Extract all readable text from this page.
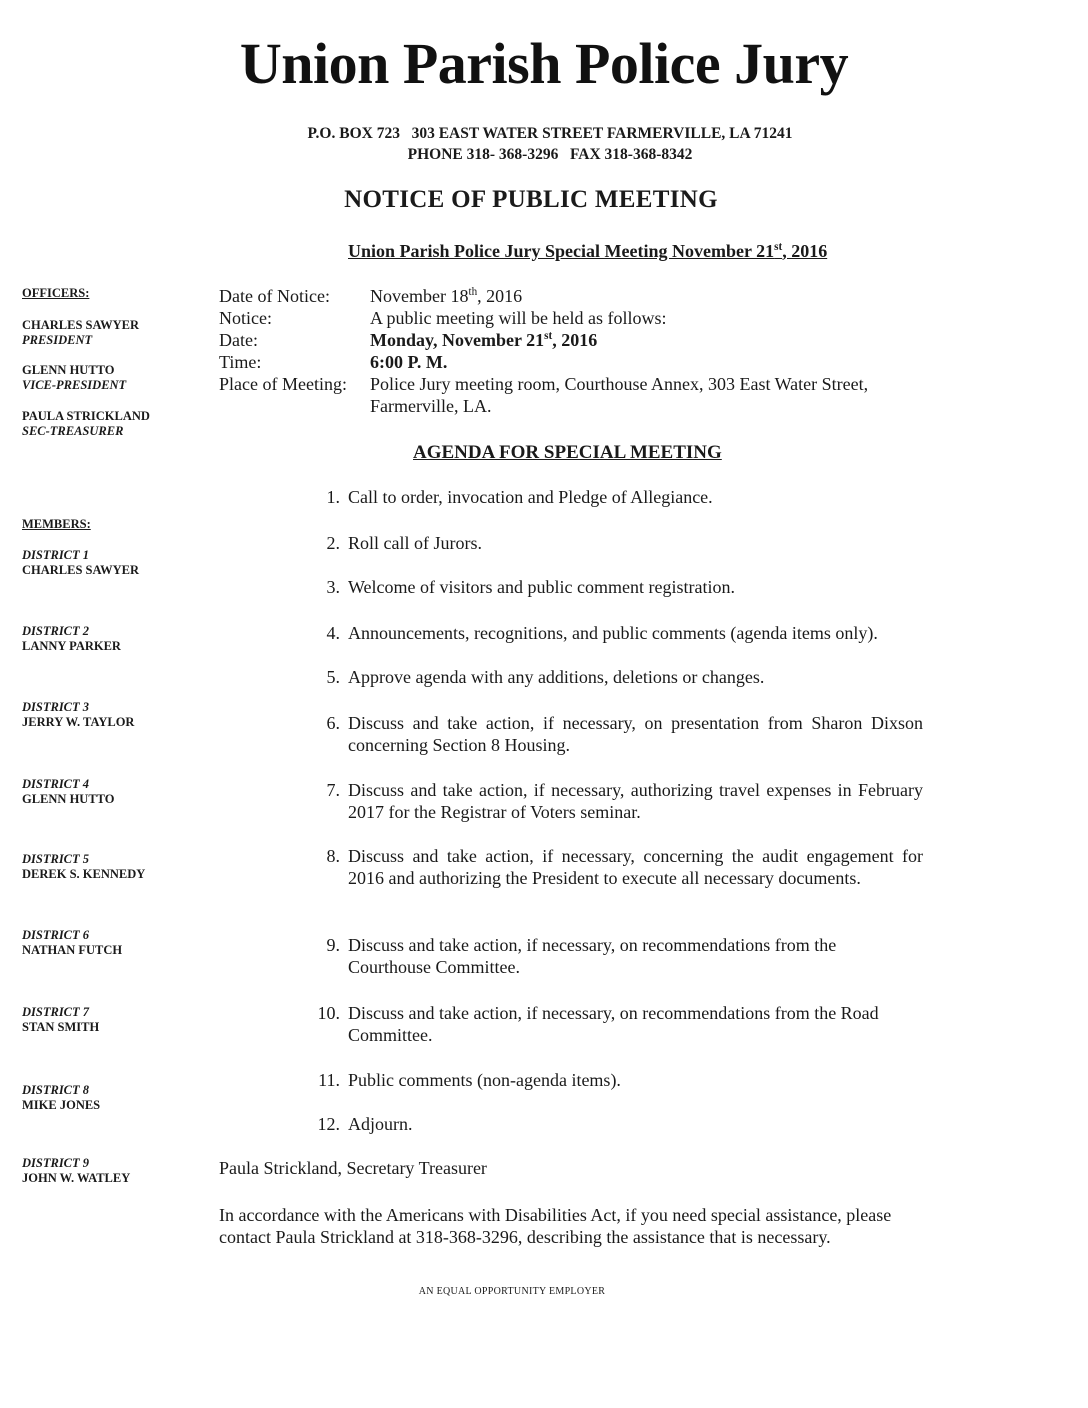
Union Parish Police Jury
P.O. BOX 723   303 EAST WATER STREET FARMERVILLE, LA 71241
PHONE 318- 368-3296   FAX 318-368-8342
NOTICE OF PUBLIC MEETING
Union Parish Police Jury Special Meeting November 21st, 2016
OFFICERS:
CHARLES SAWYER
PRESIDENT
GLENN HUTTO
VICE-PRESIDENT
PAULA STRICKLAND
SEC-TREASURER
MEMBERS:
DISTRICT 1
CHARLES SAWYER
DISTRICT 2
LANNY PARKER
DISTRICT 3
JERRY W. TAYLOR
DISTRICT 4
GLENN HUTTO
DISTRICT 5
DEREK S. KENNEDY
DISTRICT 6
NATHAN FUTCH
DISTRICT 7
STAN SMITH
DISTRICT 8
MIKE JONES
DISTRICT 9
JOHN W. WATLEY
Date of Notice: November 18th, 2016
Notice:	A public meeting will be held as follows:
Date:	Monday, November 21st, 2016
Time:	6:00 P. M.
Place of Meeting: Police Jury meeting room, Courthouse Annex, 303 East Water Street, Farmerville, LA.
AGENDA FOR SPECIAL MEETING
1. Call to order, invocation and Pledge of Allegiance.
2. Roll call of Jurors.
3. Welcome of visitors and public comment registration.
4. Announcements, recognitions, and public comments (agenda items only).
5. Approve agenda with any additions, deletions or changes.
6. Discuss and take action, if necessary, on presentation from Sharon Dixson concerning Section 8 Housing.
7. Discuss and take action, if necessary, authorizing travel expenses in February 2017 for the Registrar of Voters seminar.
8. Discuss and take action, if necessary, concerning the audit engagement for 2016 and authorizing the President to execute all necessary documents.
9. Discuss and take action, if necessary, on recommendations from the Courthouse Committee.
10. Discuss and take action, if necessary, on recommendations from the Road Committee.
11. Public comments (non-agenda items).
12. Adjourn.
Paula Strickland, Secretary Treasurer
In accordance with the Americans with Disabilities Act, if you need special assistance, please contact Paula Strickland at 318-368-3296, describing the assistance that is necessary.
AN EQUAL OPPORTUNITY EMPLOYER
